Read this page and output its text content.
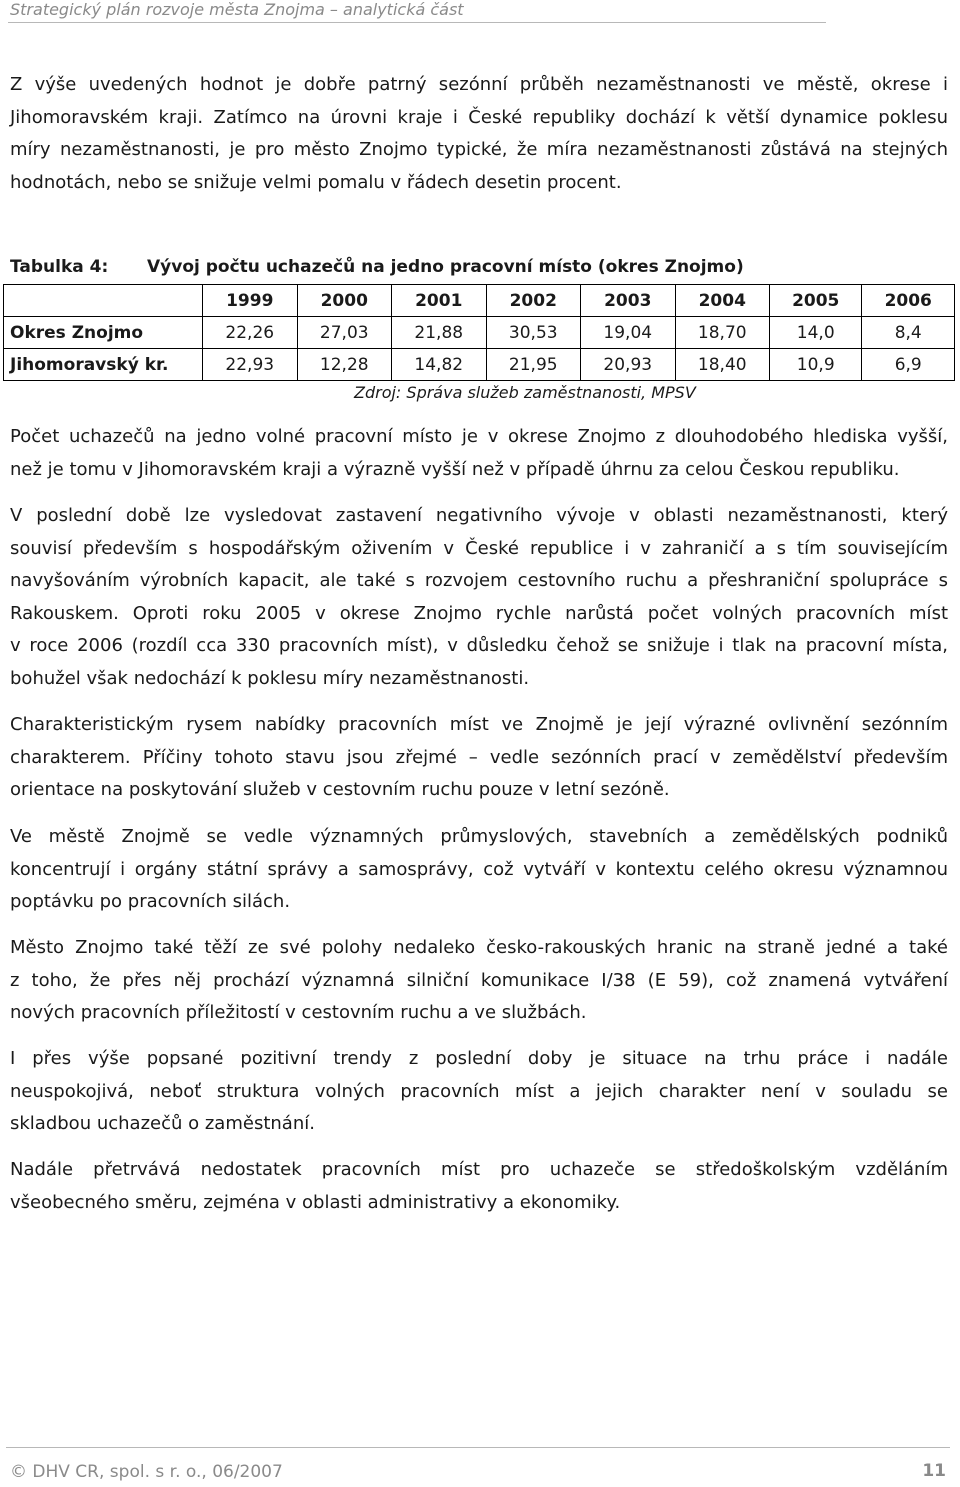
Strategický plán rozvoje města Znojma – analytická část
Z výše uvedených hodnot je dobře patrný sezónní průběh nezaměstnanosti ve městě, okrese i
Jihomoravském kraji. Zatímco na úrovni kraje i České republiky dochází k větší dynamice poklesu
míry nezaměstnanosti, je pro město Znojmo typické, že míra nezaměstnanosti zůstává na stejných
hodnotách, nebo se snižuje velmi pomalu v řádech desetin procent.
Tabulka 4: Vývoj počtu uchazečů na jedno pracovní místo (okres Znojmo)
	1999	2000	2001	2002	2003	2004	2005	2006
Okres Znojmo	22,26	27,03	21,88	30,53	19,04	18,70	14,0	8,4
Jihomoravský kr.	22,93	12,28	14,82	21,95	20,93	18,40	10,9	6,9
Zdroj: Správa služeb zaměstnanosti, MPSV
Počet uchazečů na jedno volné pracovní místo je v okrese Znojmo z dlouhodobého hlediska vyšší,
než je tomu v Jihomoravském kraji a výrazně vyšší než v případě úhrnu za celou Českou republiku.
V poslední době lze vysledovat zastavení negativního vývoje v oblasti nezaměstnanosti, který
souvisí především s hospodářským oživením v České republice i v zahraničí a s tím souvisejícím
navyšováním výrobních kapacit, ale také s rozvojem cestovního ruchu a přeshraniční spolupráce s
Rakouskem. Oproti roku 2005 v okrese Znojmo rychle narůstá počet volných pracovních míst
v roce 2006 (rozdíl cca 330 pracovních míst), v důsledku čehož se snižuje i tlak na pracovní místa,
bohužel však nedochází k poklesu míry nezaměstnanosti.
Charakteristickým rysem nabídky pracovních míst ve Znojmě je její výrazné ovlivnění sezónním
charakterem. Příčiny tohoto stavu jsou zřejmé – vedle sezónních prací v zemědělství především
orientace na poskytování služeb v cestovním ruchu pouze v letní sezóně.
Ve městě Znojmě se vedle významných průmyslových, stavebních a zemědělských podniků
koncentrují i orgány státní správy a samosprávy, což vytváří v kontextu celého okresu významnou
poptávku po pracovních silách.
Město Znojmo také těží ze své polohy nedaleko česko-rakouských hranic na straně jedné a také
z toho, že přes něj prochází významná silniční komunikace I/38 (E 59), což znamená vytváření
nových pracovních příležitostí v cestovním ruchu a ve službách.
I přes výše popsané pozitivní trendy z poslední doby je situace na trhu práce i nadále
neuspokojivá, neboť struktura volných pracovních míst a jejich charakter není v souladu se
skladbou uchazečů o zaměstnání.
Nadále přetrvává nedostatek pracovních míst pro uchazeče se středoškolským vzděláním
všeobecného směru, zejména v oblasti administrativy a ekonomiky.
© DHV CR, spol. s r. o., 06/2007	11
